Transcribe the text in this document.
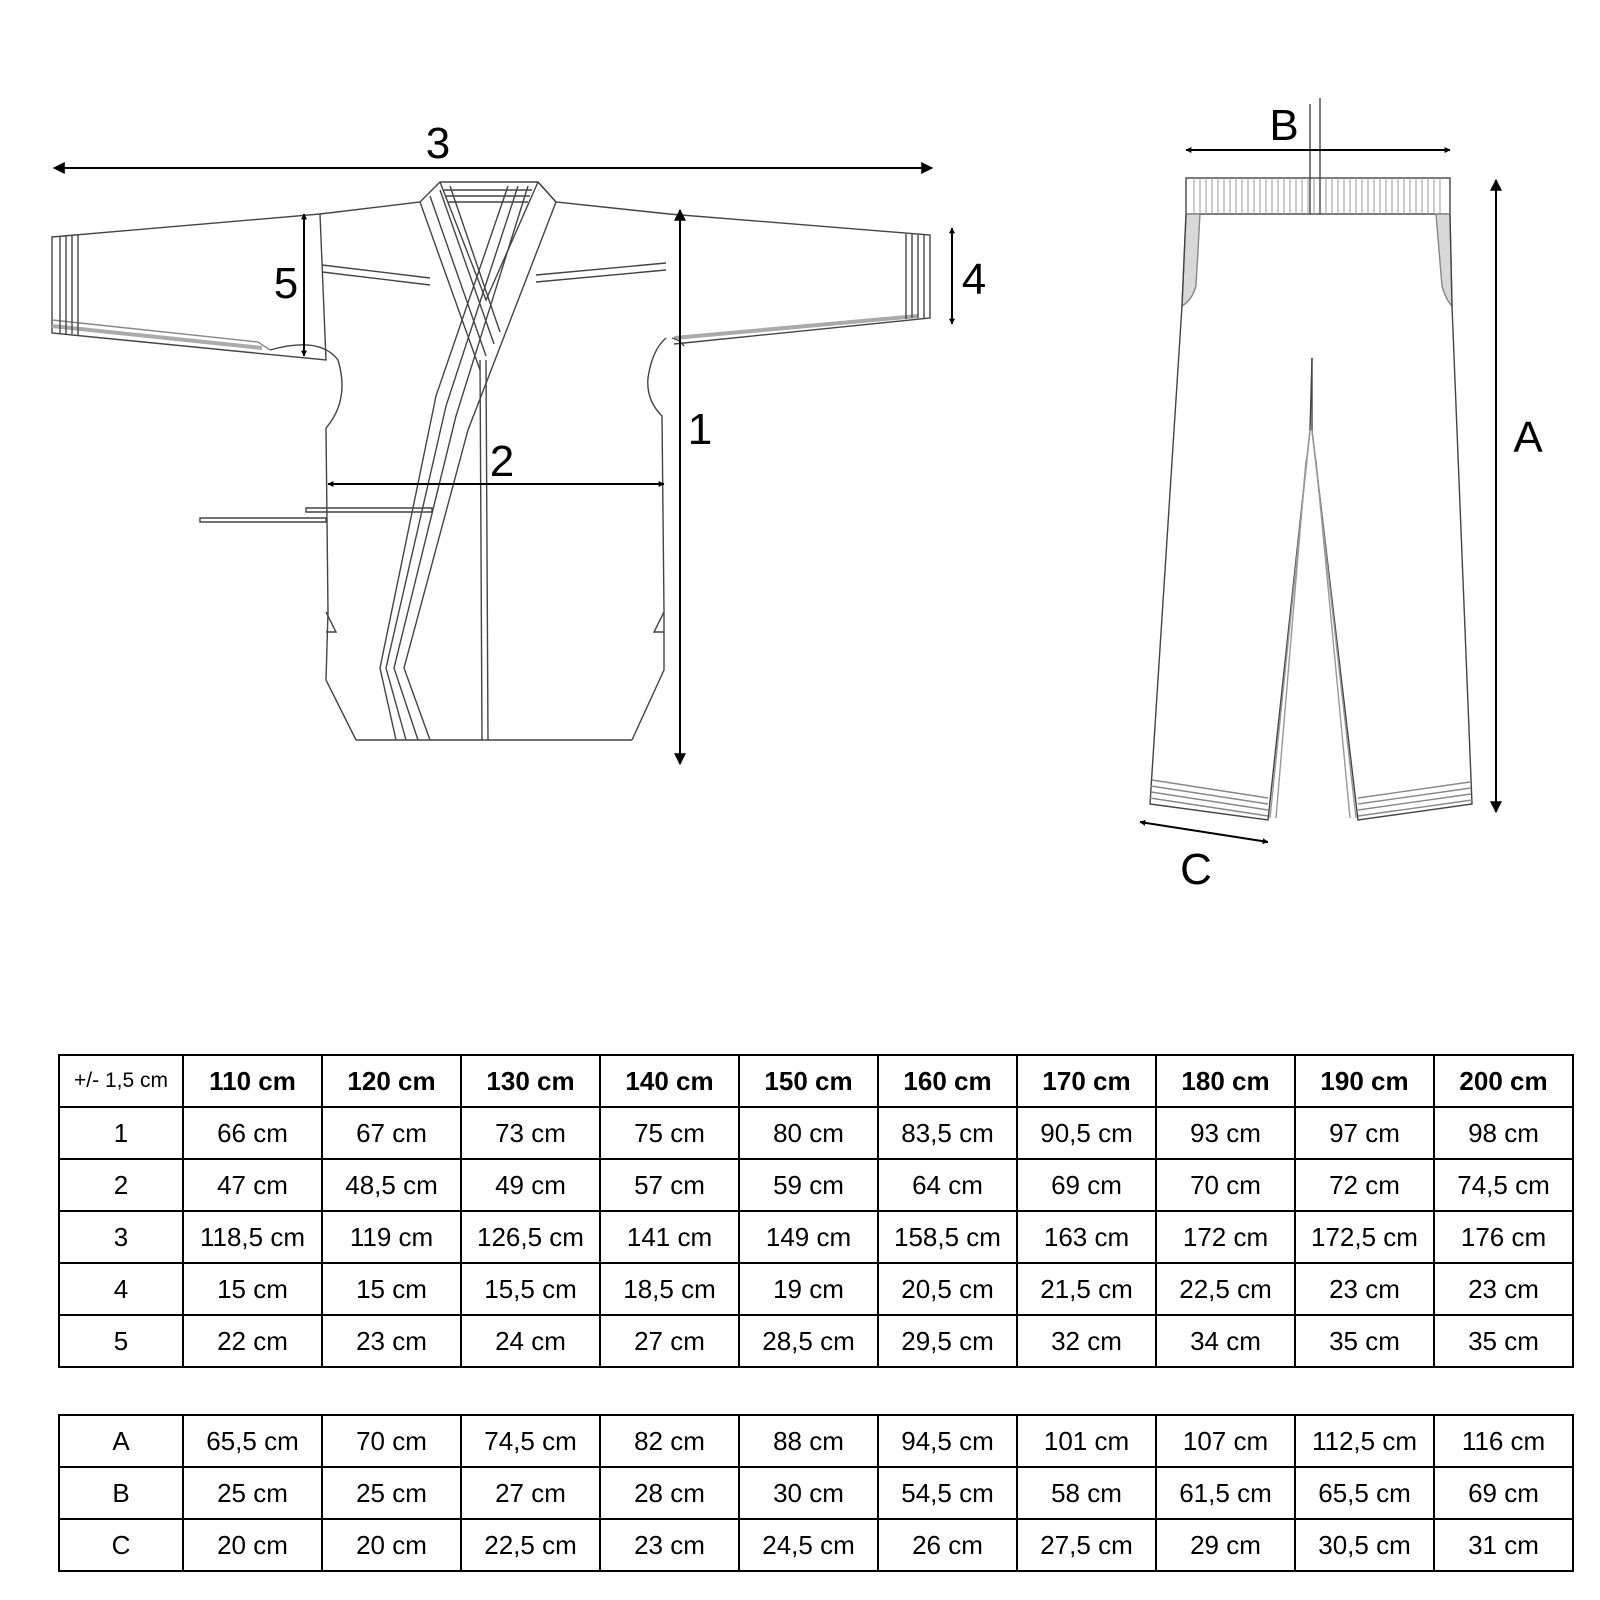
3
1
2
5	4
B
A
C
+/- 1,5 cm	110 cm	120 cm	130 cm	140 cm	150 cm	160 cm	170 cm	180 cm	190 cm	200 cm
1	66 cm	67 cm	73 cm	75 cm	80 cm	83,5 cm	90,5 cm	93 cm	97 cm	98 cm
2	47 cm	48,5 cm	49 cm	57 cm	59 cm	64 cm	69 cm	70 cm	72 cm	74,5 cm
3	118,5 cm	119 cm	126,5 cm	141 cm	149 cm	158,5 cm	163 cm	172 cm	172,5 cm	176 cm
4	15 cm	15 cm	15,5 cm	18,5 cm	19 cm	20,5 cm	21,5 cm	22,5 cm	23 cm	23 cm
5	22 cm	23 cm	24 cm	27 cm	28,5 cm	29,5 cm	32 cm	34 cm	35 cm	35 cm
A	65,5 cm	70 cm	74,5 cm	82 cm	88 cm	94,5 cm	101 cm	107 cm	112,5 cm	116 cm
B	25 cm	25 cm	27 cm	28 cm	30 cm	54,5 cm	58 cm	61,5 cm	65,5 cm	69 cm
C	20 cm	20 cm	22,5 cm	23 cm	24,5 cm	26 cm	27,5 cm	29 cm	30,5 cm	31 cm
